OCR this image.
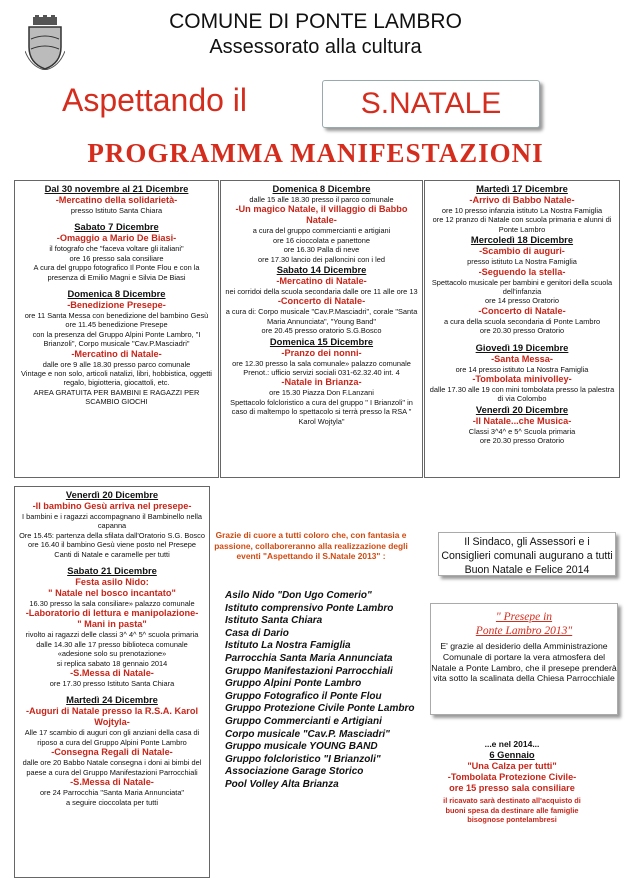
COMUNE DI PONTE LAMBRO
Assessorato alla cultura
Aspettando il	S.NATALE
PROGRAMMA MANIFESTAZIONI
Dal 30 novembre al 21 Dicembre
-Mercatino della solidarietà-
presso Istituto Santa Chiara
Sabato 7 Dicembre
-Omaggio a Mario De Biasi-
il fotografo che "faceva voltare gli italiani"
ore 16 presso sala consiliare
A cura del gruppo fotografico Il Ponte Flou e con la presenza di Emilio Magni e Silvia De Biasi
Domenica 8 Dicembre
-Benedizione Presepe-
ore 11 Santa Messa con benedizione del bambino Gesù
ore 11.45 benedizione Presepe
con la presenza del Gruppo Alpini Ponte Lambro, "I Brianzoli", Corpo musicale "Cav.P.Masciadri"
-Mercatino di Natale-
dalle ore 9 alle 18.30 presso parco comunale
Vintage e non solo, articoli natalizi, libri, hobbistica, oggetti regalo, bigiotteria, giocattoli, etc.
AREA GRATUITA PER BAMBINI E RAGAZZI PER SCAMBIO GIOCHI
Domenica 8 Dicembre
dalle 15 alle 18.30 presso il parco comunale
-Un magico Natale, il villaggio di Babbo Natale-
a cura del gruppo commercianti e artigiani
ore 16 cioccolata e panettone
ore 16.30 Palla di neve
ore 17.30 lancio dei palloncini con i led
Sabato 14 Dicembre
-Mercatino di Natale-
nei corridoi della scuola secondaria dalle ore 11 alle ore 13
-Concerto di Natale-
a cura di: Corpo musicale "Cav.P.Masciadri", corale "Santa Maria Annunciata", "Young Band"
ore 20.45 presso oratorio S.G.Bosco
Domenica 15 Dicembre
-Pranzo dei nonni-
ore 12.30 presso la sala comunale» palazzo comunale
Prenot.: ufficio servizi sociali 031-62.32.40 int. 4
-Natale in Brianza-
ore 15.30 Piazza Don F.Lanzani
Spettacolo folcloristico a cura del gruppo " I Brianzoli" in caso di maltempo lo spettacolo si terrà presso la RSA " Karol Wojtyla"
Martedì 17 Dicembre
-Arrivo di Babbo Natale-
ore 10 presso infanzia istituto La Nostra Famiglia
ore 12 pranzo di Natale con scuola primaria e alunni di Ponte Lambro
Mercoledì 18 Dicembre
-Scambio di auguri-
presso istituto La Nostra Famiglia
-Seguendo la stella-
Spettacolo musicale per bambini e genitori della scuola dell'infanzia
ore 14 presso Oratorio
-Concerto di Natale-
a cura della scuola secondaria di Ponte Lambro
ore 20.30 presso Oratorio
Giovedì 19 Dicembre
-Santa Messa-
ore 14 presso istituto La Nostra Famiglia
-Tombolata minivolley-
dalle 17.30 alle 19 con mini tombolata presso la palestra di via Colombo
Venerdì 20 Dicembre
-Il Natale...che Musica-
Classi 3^4^ e 5^ Scuola primaria
ore 20.30 presso Oratorio
Venerdì 20 Dicembre
-Il bambino Gesù arriva nel presepe-
I bambini e i ragazzi accompagnano il Bambinello nella capanna
Ore 15.45: partenza della sfilata dall'Oratorio S.G. Bosco
ore 16.40 il bambino Gesù viene posto nel Presepe
Canti di Natale e caramelle per tutti
Sabato 21 Dicembre
Festa asilo Nido:
" Natale nel bosco incantato"
16.30 presso la sala consiliare» palazzo comunale
-Laboratorio di lettura e manipolazione-
" Mani in pasta"
rivolto ai ragazzi delle classi 3^ 4^ 5^ scuola primaria
dalle 14.30 alle 17 presso biblioteca comunale «adesione solo su prenotazione»
si replica sabato 18 gennaio 2014
-S.Messa di Natale-
ore 17.30 presso Istituto Santa Chiara
Martedì 24 Dicembre
-Auguri di Natale presso la R.S.A. Karol Wojtyla-
Alle 17 scambio di auguri con gli anziani della casa di riposo a cura del Gruppo Alpini Ponte Lambro
-Consegna Regali di Natale-
dalle ore 20 Babbo Natale consegna i doni ai bimbi del paese a cura del Gruppo Manifestazioni Parrocchiali
-S.Messa di Natale-
ore 24 Parrocchia "Santa Maria Annunciata"
a seguire cioccolata per tutti
Grazie di cuore a tutti coloro che, con fantasia e passione, collaboreranno alla realizzazione degli eventi "Aspettando il S.Natale 2013" :
Asilo Nido "Don Ugo Comerio"
Istituto comprensivo Ponte Lambro
Istituto Santa Chiara
Casa di Dario
Istituto La Nostra Famiglia
Parrocchia Santa Maria Annunciata
Gruppo Manifestazioni Parrocchiali
Gruppo Alpini Ponte Lambro
Gruppo Fotografico il Ponte Flou
Gruppo Protezione Civile Ponte Lambro
Gruppo Commercianti e Artigiani
Corpo musicale "Cav.P. Masciadri"
Gruppo musicale YOUNG BAND
Gruppo folcloristico "I Brianzoli"
Associazione Garage Storico
Pool Volley Alta Brianza
Il Sindaco, gli Assessori e i Consiglieri comunali augurano a tutti Buon Natale e Felice 2014
" Presepe in
Ponte Lambro 2013"
E' grazie al desiderio della Amministrazione Comunale di portare la vera atmosfera del Natale a Ponte Lambro, che il presepe prenderà vita sotto la scalinata della Chiesa Parrocchiale
...e nel 2014...
6 Gennaio
"Una Calza per tutti"
-Tombolata Protezione Civile-
ore 15 presso sala consiliare
il ricavato sarà destinato all'acquisto di buoni spesa da destinare alle famiglie bisognose pontelambresi
